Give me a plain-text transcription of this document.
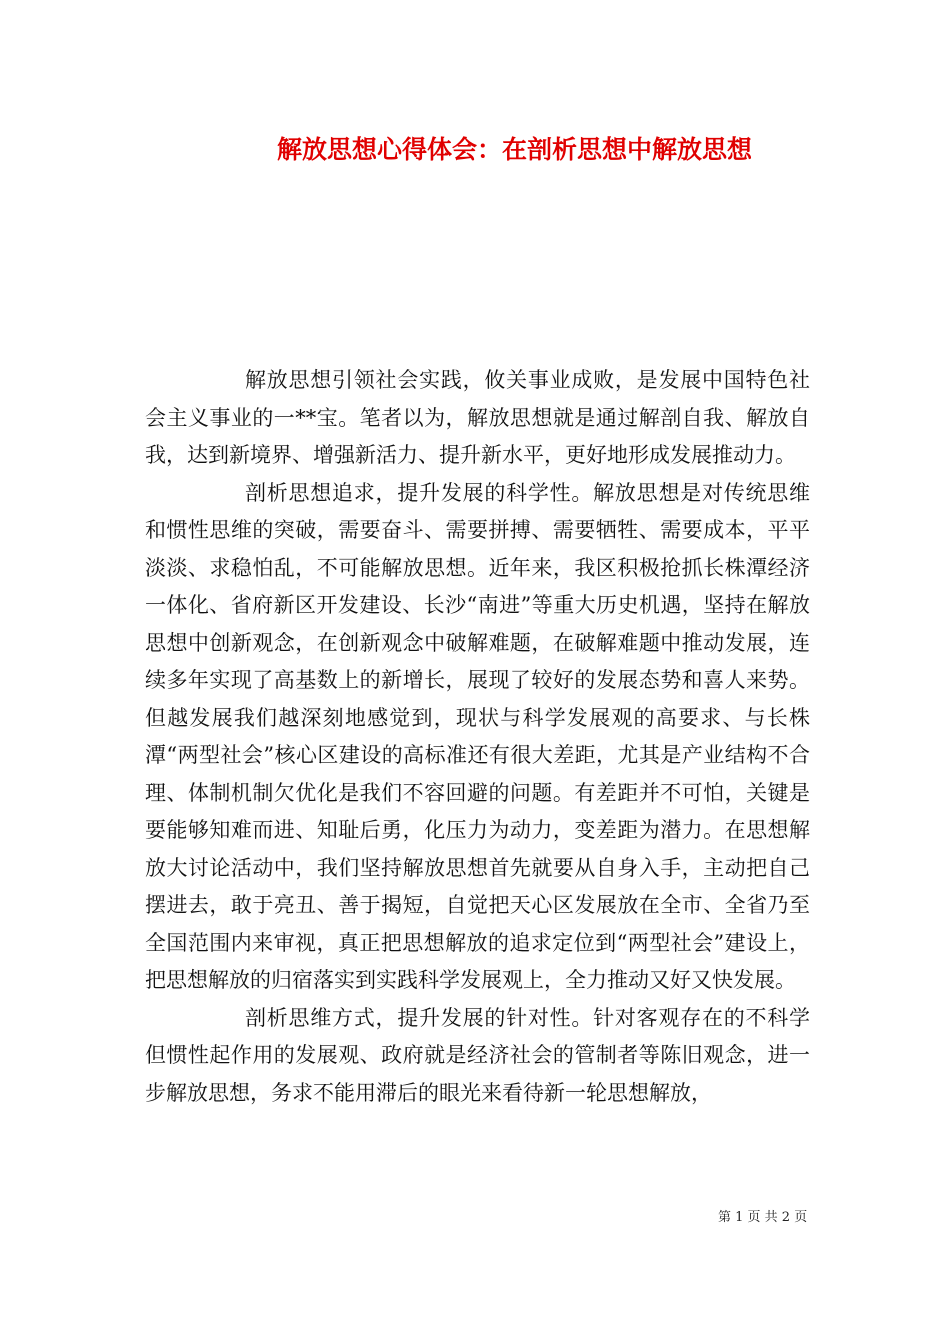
解放思想心得体会：在剖析思想中解放思想

解放思想引领社会实践，攸关事业成败，是发展中国特色社会主义事业的一**宝。笔者以为，解放思想就是通过解剖自我、解放自我，达到新境界、增强新活力、提升新水平，更好地形成发展推动力。

剖析思想追求，提升发展的科学性。解放思想是对传统思维和惯性思维的突破，需要奋斗、需要拼搏、需要牺牲、需要成本，平平淡淡、求稳怕乱，不可能解放思想。近年来，我区积极抢抓长株潭经济一体化、省府新区开发建设、长沙“南进”等重大历史机遇，坚持在解放思想中创新观念，在创新观念中破解难题，在破解难题中推动发展，连续多年实现了高基数上的新增长，展现了较好的发展态势和喜人来势。但越发展我们越深刻地感觉到，现状与科学发展观的高要求、与长株潭“两型社会”核心区建设的高标准还有很大差距，尤其是产业结构不合理、体制机制欠优化是我们不容回避的问题。有差距并不可怕，关键是要能够知难而进、知耻后勇，化压力为动力，变差距为潜力。在思想解放大讨论活动中，我们坚持解放思想首先就要从自身入手，主动把自己摆进去，敢于亮丑、善于揭短，自觉把天心区发展放在全市、全省乃至全国范围内来审视，真正把思想解放的追求定位到“两型社会”建设上，把思想解放的归宿落实到实践科学发展观上，全力推动又好又快发展。

剖析思维方式，提升发展的针对性。针对客观存在的不科学但惯性起作用的发展观、政府就是经济社会的管制者等陈旧观念，进一步解放思想，务求不能用滞后的眼光来看待新一轮思想解放，

第 1 页 共 2 页
